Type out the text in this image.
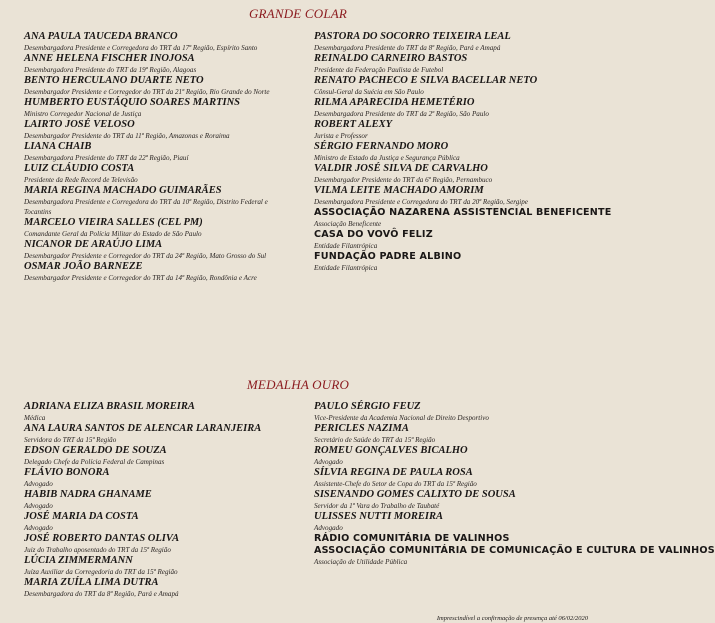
GRANDE COLAR
ANA PAULA TAUCEDA BRANCO
Desembargadora Presidente e Corregedora do TRT da 17ª Região, Espírito Santo
ANNE HELENA FISCHER INOJOSA
Desembargadora Presidente do TRT da 19ª Região, Alagoas
BENTO HERCULANO DUARTE NETO
Desembargador Presidente e Corregedor do TRT da 21ª Região, Rio Grande do Norte
HUMBERTO EUSTÁQUIO SOARES MARTINS
Ministro Corregedor Nacional de Justiça
LAIRTO JOSÉ VELOSO
Desembargador Presidente do TRT da 11ª Região, Amazonas e Roraima
LIANA CHAIB
Desembargadora Presidente do TRT da 22ª Região, Piauí
LUIZ CLÁUDIO COSTA
Presidente da Rede Record de Televisão
MARIA REGINA MACHADO GUIMARÃES
Desembargadora Presidente e Corregedora do TRT da 10ª Região, Distrito Federal e Tocantins
MARCELO VIEIRA SALLES (CEL PM)
Comandante Geral da Polícia Militar do Estado de São Paulo
NICANOR DE ARAÚJO LIMA
Desembargador Presidente e Corregedor do TRT da 24ª Região, Mato Grosso do Sul
OSMAR JOÃO BARNEZE
Desembargador Presidente e Corregedor do TRT da 14ª Região, Rondônia e Acre
PASTORA DO SOCORRO TEIXEIRA LEAL
Desembargadora Presidente do TRT da 8ª Região, Pará e Amapá
REINALDO CARNEIRO BASTOS
Presidente da Federação Paulista de Futebol
RENATO PACHECO E SILVA BACELLAR NETO
Cônsul-Geral da Suécia em São Paulo
RILMA APARECIDA HEMETÉRIO
Desembargadora Presidente do TRT da 2ª Região, São Paulo
ROBERT ALEXY
Jurista e Professor
SÉRGIO FERNANDO MORO
Ministro de Estado da Justiça e Segurança Pública
VALDIR JOSÉ SILVA DE CARVALHO
Desembargador Presidente do TRT da 6ª Região, Pernambuco
VILMA LEITE MACHADO AMORIM
Desembargadora Presidente e Corregedora do TRT da 20ª Região, Sergipe
ASSOCIAÇÃO NAZARENA ASSISTENCIAL BENEFICENTE
Associação Beneficente
CASA DO VOVÔ FELIZ
Entidade Filantrópica
FUNDAÇÃO PADRE ALBINO
Entidade Filantrópica
MEDALHA OURO
ADRIANA ELIZA BRASIL MOREIRA
Médica
ANA LAURA SANTOS DE ALENCAR LARANJEIRA
Servidora do TRT da 15ª Região
EDSON GERALDO DE SOUZA
Delegado Chefe da Polícia Federal de Campinas
FLÁVIO BONORA
Advogado
HABIB NADRA GHANAME
Advogado
JOSÉ MARIA DA COSTA
Advogado
JOSÉ ROBERTO DANTAS OLIVA
Juiz do Trabalho aposentado do TRT da 15ª Região
LÚCIA ZIMMERMANN
Juíza Auxiliar da Corregedoria do TRT da 15ª Região
MARIA ZUÍLA LIMA DUTRA
Desembargadora do TRT da 8ª Região, Pará e Amapá
PAULO SÉRGIO FEUZ
Vice-Presidente da Academia Nacional de Direito Desportivo
PERICLES NAZIMA
Secretário de Saúde do TRT da 15ª Região
ROMEU GONÇALVES BICALHO
Advogado
SÍLVIA REGINA DE PAULA ROSA
Assistente-Chefe do Setor de Copa do TRT da 15ª Região
SISENANDO GOMES CALIXTO DE SOUSA
Servidor da 1ª Vara do Trabalho de Taubaté
ULISSES NUTTI MOREIRA
Advogado
RÁDIO COMUNITÁRIA DE VALINHOS
ASSOCIAÇÃO COMUNITÁRIA DE COMUNICAÇÃO E CULTURA DE VALINHOS
Associação de Utilidade Pública
Imprescindível a confirmação de presença até 06/02/2020
